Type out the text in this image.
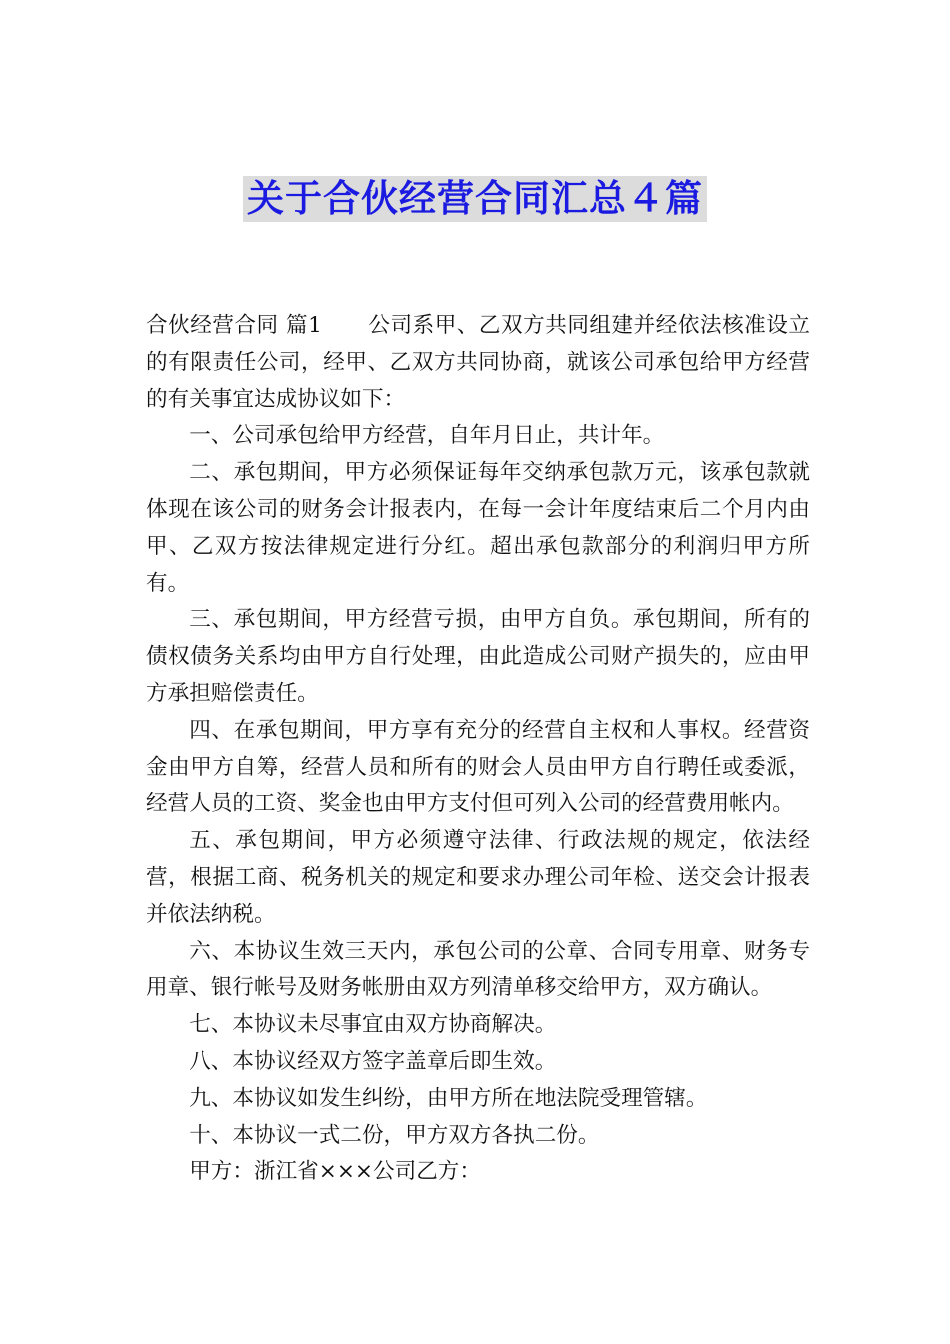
关于合伙经营合同汇总４篇

合伙经营合同 篇1 公司系甲、乙双方共同组建并经依法核准设立的有限责任公司，经甲、乙双方共同协商，就该公司承包给甲方经营的有关事宜达成协议如下：

一、公司承包给甲方经营，自年月日止，共计年。

二、承包期间，甲方必须保证每年交纳承包款万元，该承包款就体现在该公司的财务会计报表内，在每一会计年度结束后二个月内由甲、乙双方按法律规定进行分红。超出承包款部分的利润归甲方所有。

三、承包期间，甲方经营亏损，由甲方自负。承包期间，所有的债权债务关系均由甲方自行处理，由此造成公司财产损失的，应由甲方承担赔偿责任。

四、在承包期间，甲方享有充分的经营自主权和人事权。经营资金由甲方自筹，经营人员和所有的财会人员由甲方自行聘任或委派，经营人员的工资、奖金也由甲方支付但可列入公司的经营费用帐内。

五、承包期间，甲方必须遵守法律、行政法规的规定，依法经营，根据工商、税务机关的规定和要求办理公司年检、送交会计报表并依法纳税。

六、本协议生效三天内，承包公司的公章、合同专用章、财务专用章、银行帐号及财务帐册由双方列清单移交给甲方，双方确认。

七、本协议未尽事宜由双方协商解决。

八、本协议经双方签字盖章后即生效。

九、本协议如发生纠纷，由甲方所在地法院受理管辖。

十、本协议一式二份，甲方双方各执二份。

甲方：浙江省×××公司乙方：
